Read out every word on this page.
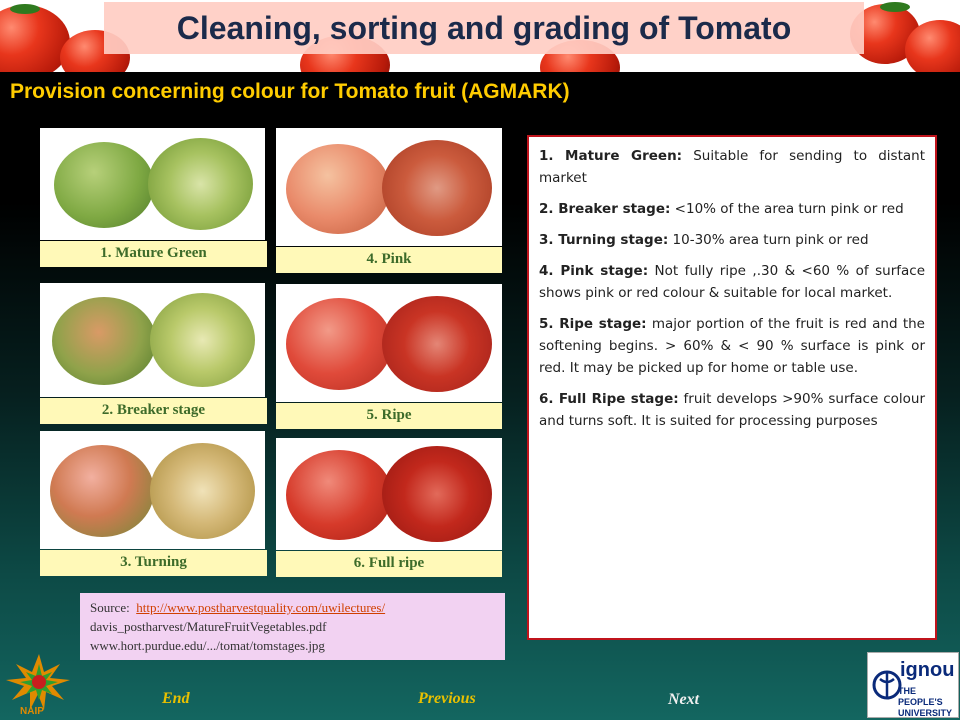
Cleaning, sorting and grading of Tomato
Provision concerning colour for Tomato fruit (AGMARK)
1. Mature Green
2. Breaker stage
3. Turning
4. Pink
5. Ripe
6. Full ripe
1. Mature Green: Suitable for sending to distant market
2. Breaker stage: <10% of the area turn pink or red
3. Turning stage: 10-30% area turn pink or red
4. Pink stage: Not fully ripe ,.30 & <60 % of surface shows pink or red colour & suitable for local market.
5. Ripe stage: major portion of the fruit is red and the softening begins. > 60% & < 90 % surface is pink or red. It may be picked up for home or table use.
6. Full Ripe stage: fruit develops >90% surface colour and turns soft. It is suited for processing purposes
Source: http://www.postharvestquality.com/uwilectures/
davis_postharvest/MatureFruitVegetables.pdf
www.hort.purdue.edu/.../tomat/tomstages.jpg
End	Previous	Next
NAIP
ignou
THE PEOPLE'S UNIVERSITY
